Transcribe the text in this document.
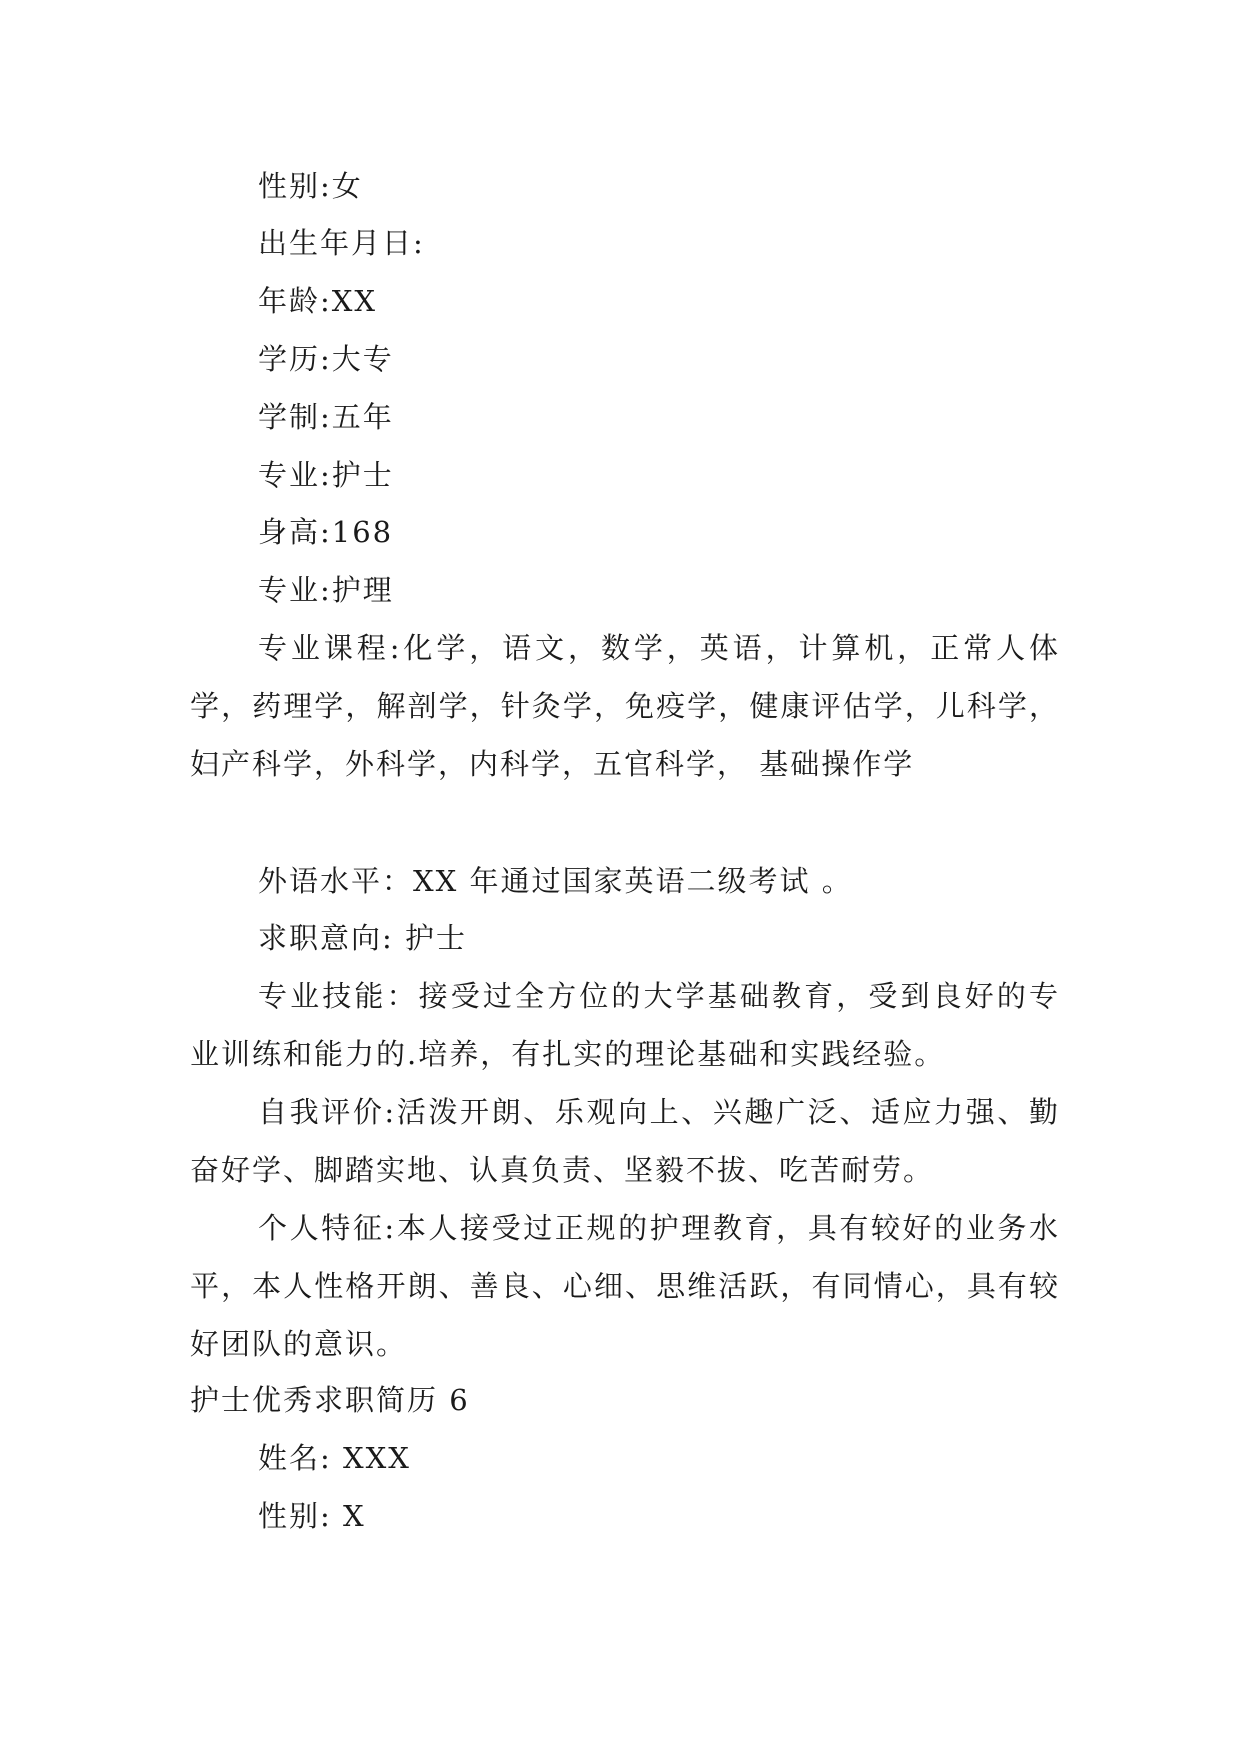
性别:女

出生年月日:

年龄:XX

学历:大专

学制:五年

专业:护士

身高:168

专业:护理

专业课程:化学，语文，数学，英语，计算机，正常人体学，药理学，解剖学，针灸学，免疫学，健康评估学，儿科学，妇产科学，外科学，内科学，五官科学， 基础操作学

外语水平：XX 年通过国家英语二级考试 。

求职意向: 护士

专业技能：接受过全方位的大学基础教育，受到良好的专业训练和能力的.培养，有扎实的理论基础和实践经验。

自我评价:活泼开朗、乐观向上、兴趣广泛、适应力强、勤奋好学、脚踏实地、认真负责、坚毅不拔、吃苦耐劳。

个人特征:本人接受过正规的护理教育，具有较好的业务水平，本人性格开朗、善良、心细、思维活跃，有同情心，具有较好团队的意识。

护士优秀求职简历 6

姓名: XXX

性别: X
